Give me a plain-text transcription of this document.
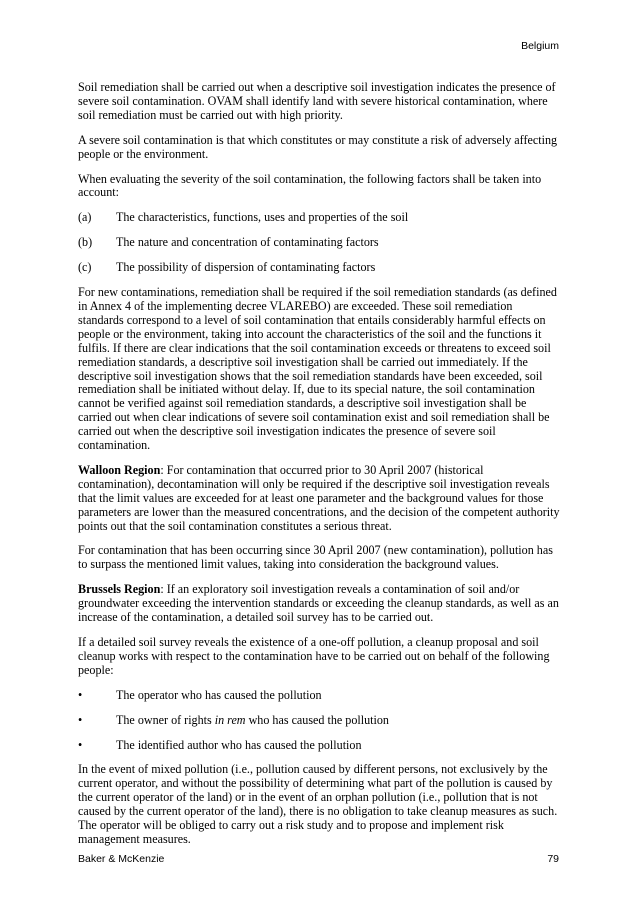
Belgium

Soil remediation shall be carried out when a descriptive soil investigation indicates the presence of severe soil contamination. OVAM shall identify land with severe historical contamination, where soil remediation must be carried out with high priority.

A severe soil contamination is that which constitutes or may constitute a risk of adversely affecting people or the environment.

When evaluating the severity of the soil contamination, the following factors shall be taken into account:

(a)	The characteristics, functions, uses and properties of the soil
(b)	The nature and concentration of contaminating factors
(c)	The possibility of dispersion of contaminating factors

For new contaminations, remediation shall be required if the soil remediation standards (as defined in Annex 4 of the implementing decree VLAREBO) are exceeded. These soil remediation standards correspond to a level of soil contamination that entails considerably harmful effects on people or the environment, taking into account the characteristics of the soil and the functions it fulfils. If there are clear indications that the soil contamination exceeds or threatens to exceed soil remediation standards, a descriptive soil investigation shall be carried out immediately. If the descriptive soil investigation shows that the soil remediation standards have been exceeded, soil remediation shall be initiated without delay. If, due to its special nature, the soil contamination cannot be verified against soil remediation standards, a descriptive soil investigation shall be carried out when clear indications of severe soil contamination exist and soil remediation shall be carried out when the descriptive soil investigation indicates the presence of severe soil contamination.

Walloon Region: For contamination that occurred prior to 30 April 2007 (historical contamination), decontamination will only be required if the descriptive soil investigation reveals that the limit values are exceeded for at least one parameter and the background values for those parameters are lower than the measured concentrations, and the decision of the competent authority points out that the soil contamination constitutes a serious threat.

For contamination that has been occurring since 30 April 2007 (new contamination), pollution has to surpass the mentioned limit values, taking into consideration the background values.

Brussels Region: If an exploratory soil investigation reveals a contamination of soil and/or groundwater exceeding the intervention standards or exceeding the cleanup standards, as well as an increase of the contamination, a detailed soil survey has to be carried out.

If a detailed soil survey reveals the existence of a one-off pollution, a cleanup proposal and soil cleanup works with respect to the contamination have to be carried out on behalf of the following people:

•	The operator who has caused the pollution
•	The owner of rights in rem who has caused the pollution
•	The identified author who has caused the pollution

In the event of mixed pollution (i.e., pollution caused by different persons, not exclusively by the current operator, and without the possibility of determining what part of the pollution is caused by the current operator of the land) or in the event of an orphan pollution (i.e., pollution that is not caused by the current operator of the land), there is no obligation to take cleanup measures as such. The operator will be obliged to carry out a risk study and to propose and implement risk management measures.

Baker & McKenzie	79
